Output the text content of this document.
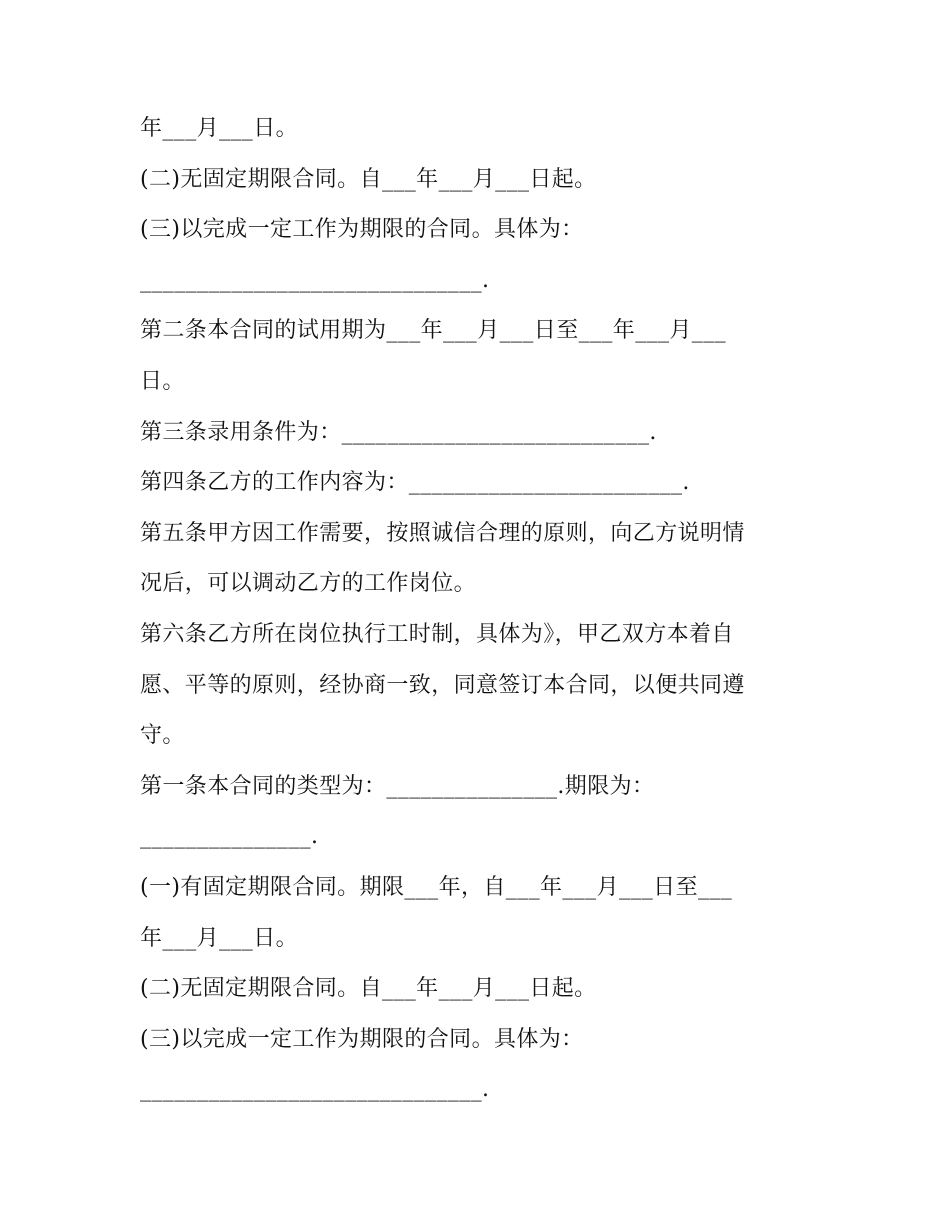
年___月___日。
(二)无固定期限合同。自___年___月___日起。
(三)以完成一定工作为期限的合同。具体为：
______________________________.
第二条本合同的试用期为___年___月___日至___年___月___
日。
第三条录用条件为：___________________________.
第四条乙方的工作内容为：________________________.
第五条甲方因工作需要，按照诚信合理的原则，向乙方说明情
况后，可以调动乙方的工作岗位。
第六条乙方所在岗位执行工时制，具体为》，甲乙双方本着自
愿、平等的原则，经协商一致，同意签订本合同，以便共同遵
守。
第一条本合同的类型为：_______________.期限为：
_______________.
(一)有固定期限合同。期限___年，自___年___月___日至___
年___月___日。
(二)无固定期限合同。自___年___月___日起。
(三)以完成一定工作为期限的合同。具体为：
______________________________.
